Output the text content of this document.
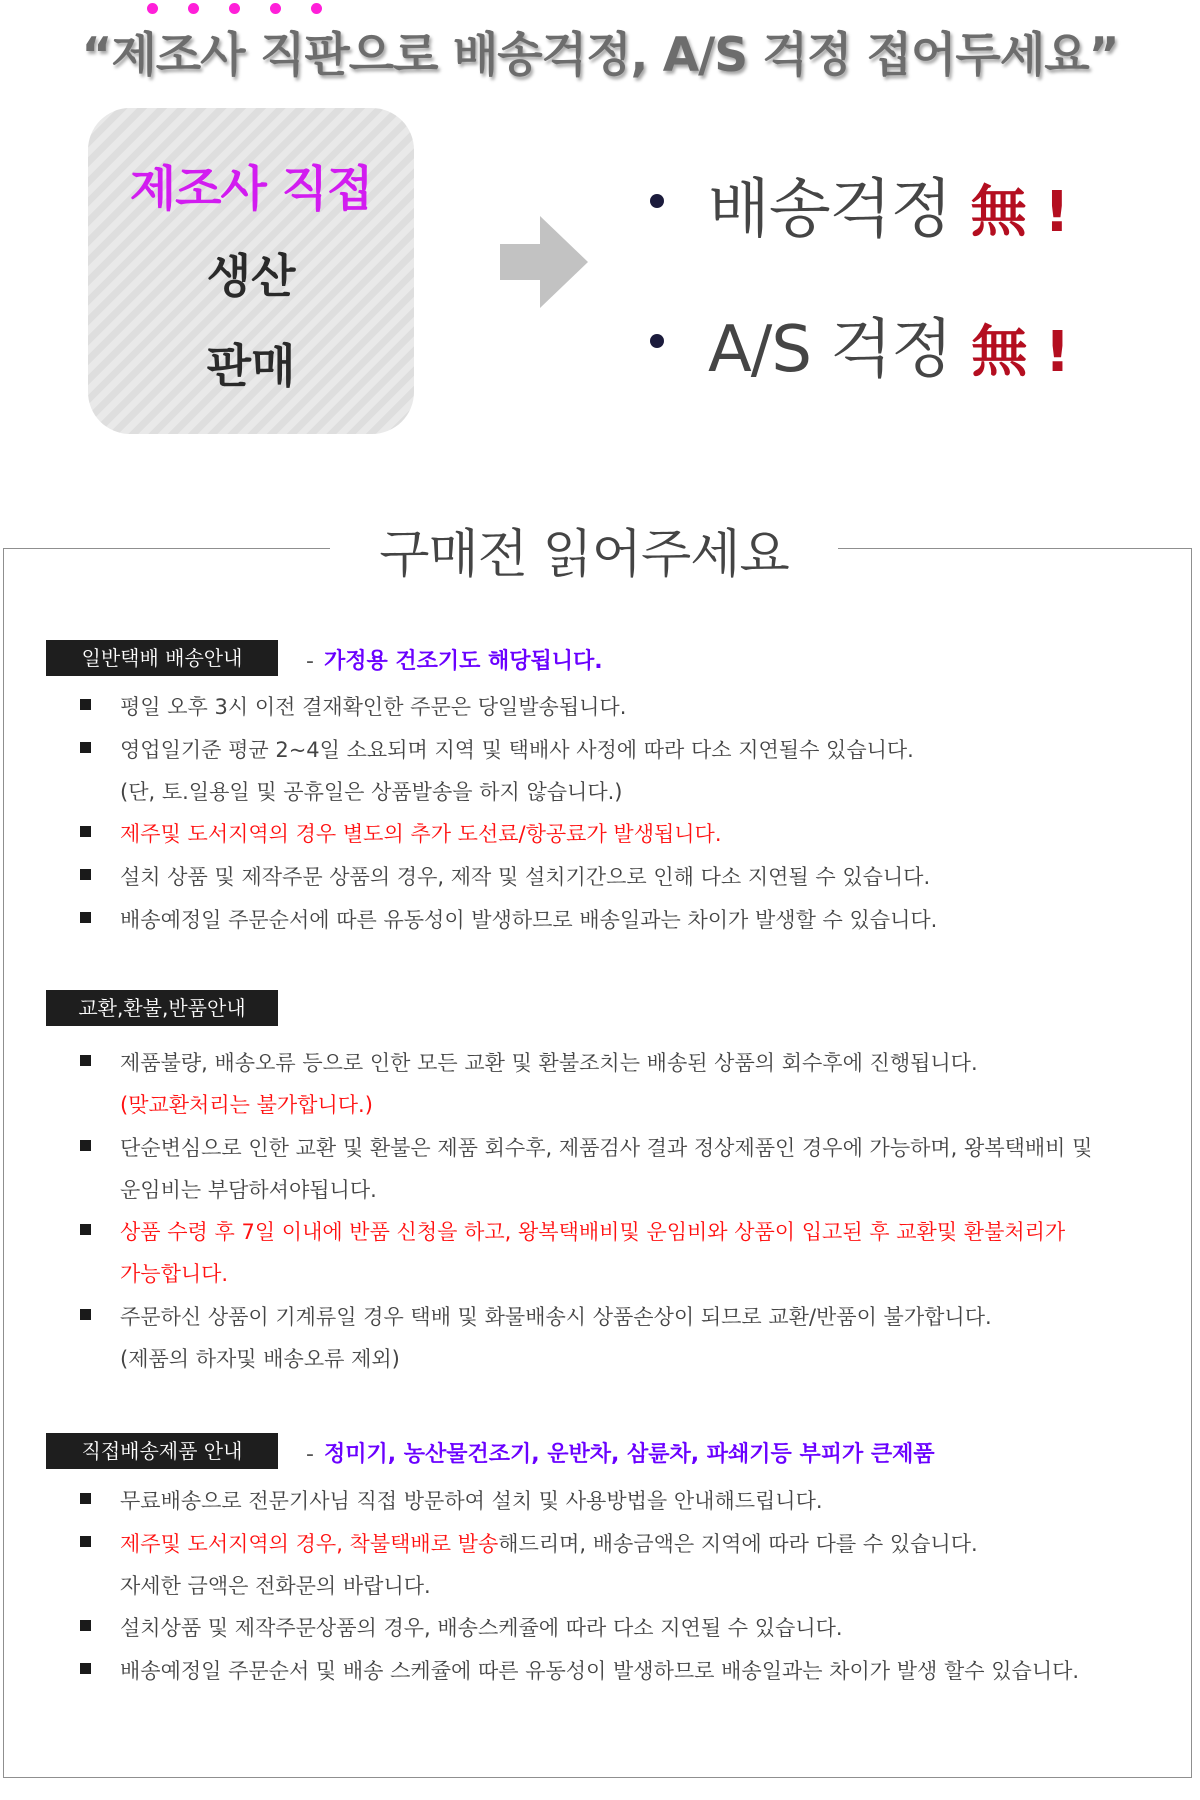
“제조사 직판으로 배송걱정, A/S 걱정 접어두세요”
제조사 직접
생산
판매
배송걱정 無 !
A/S 걱정 無 !
구매전 읽어주세요
일반택배 배송안내	- 가정용 건조기도 해당됩니다.
평일 오후 3시 이전 결재확인한 주문은 당일발송됩니다.
영업일기준 평균 2~4일 소요되며 지역 및 택배사 사정에 따라 다소 지연될수 있습니다.
(단, 토.일용일 및 공휴일은 상품발송을 하지 않습니다.)
제주및 도서지역의 경우 별도의 추가 도선료/항공료가 발생됩니다.
설치 상품 및 제작주문 상품의 경우, 제작 및 설치기간으로 인해 다소 지연될 수 있습니다.
배송예정일 주문순서에 따른 유동성이 발생하므로 배송일과는 차이가 발생할 수 있습니다.
교환,환불,반품안내
제품불량, 배송오류 등으로 인한 모든 교환 및 환불조치는 배송된 상품의 회수후에 진행됩니다.
(맞교환처리는 불가합니다.)
단순변심으로 인한 교환 및 환불은 제품 회수후, 제품검사 결과 정상제품인 경우에 가능하며, 왕복택배비 및
운임비는 부담하셔야됩니다.
상품 수령 후 7일 이내에 반품 신청을 하고, 왕복택배비및 운임비와 상품이 입고된 후 교환및 환불처리가
가능합니다.
주문하신 상품이 기계류일 경우 택배 및 화물배송시 상품손상이 되므로 교환/반품이 불가합니다.
(제품의 하자및 배송오류 제외)
직접배송제품 안내	- 정미기, 농산물건조기, 운반차, 삼륜차, 파쇄기등 부피가 큰제품
무료배송으로 전문기사님 직접 방문하여 설치 및 사용방법을 안내해드립니다.
제주및 도서지역의 경우, 착불택배로 발송해드리며, 배송금액은 지역에 따라 다를 수 있습니다.
자세한 금액은 전화문의 바랍니다.
설치상품 및 제작주문상품의 경우, 배송스케쥴에 따라 다소 지연될 수 있습니다.
배송예정일 주문순서 및 배송 스케쥴에 따른 유동성이 발생하므로 배송일과는 차이가 발생 할수 있습니다.
